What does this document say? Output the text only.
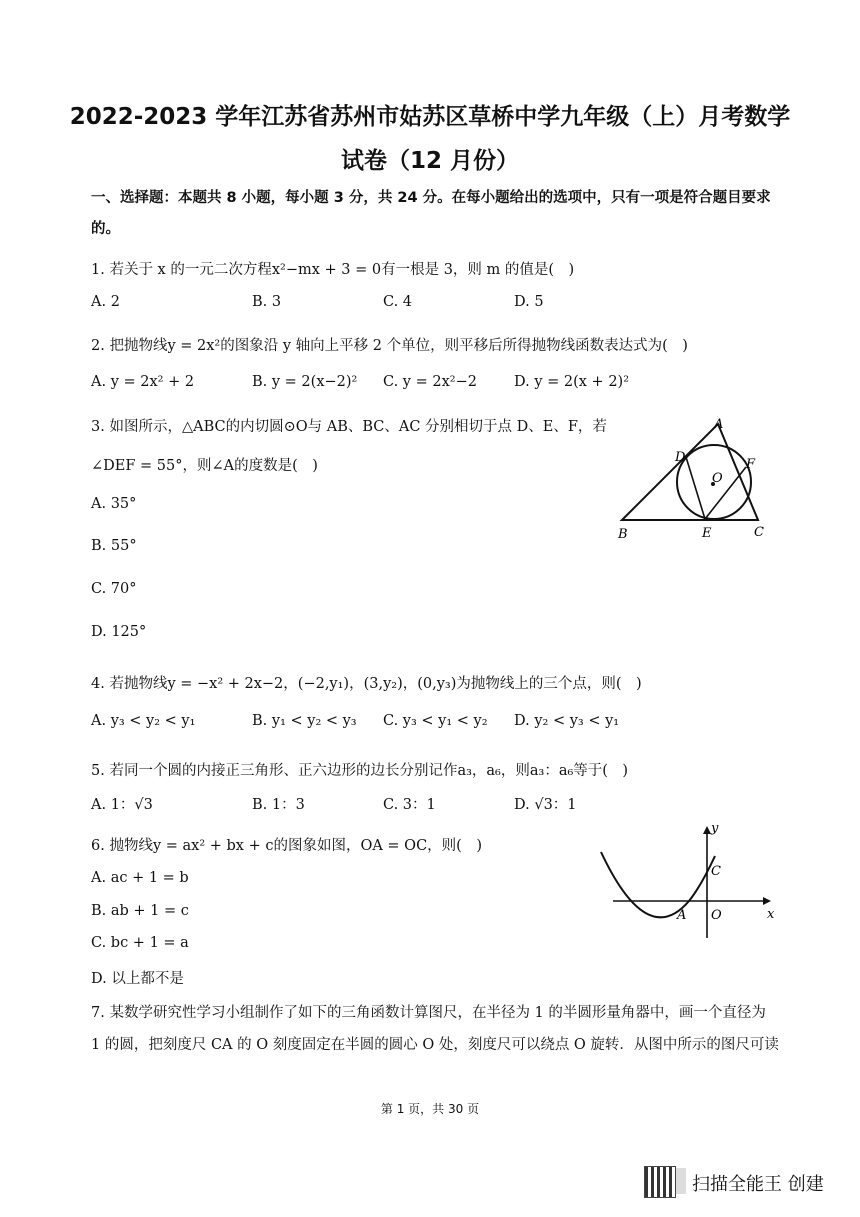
2022-2023 学年江苏省苏州市姑苏区草桥中学九年级（上）月考数学
试卷（12 月份）
一、选择题：本题共 8 小题，每小题 3 分，共 24 分。在每小题给出的选项中，只有一项是符合题目要求
的。
1. 若关于 x 的一元二次方程x²−mx + 3 = 0有一根是 3，则 m 的值是(　)
A. 2	B. 3	C. 4	D. 5
2. 把抛物线y = 2x²的图象沿 y 轴向上平移 2 个单位，则平移后所得抛物线函数表达式为(　)
A. y = 2x² + 2	B. y = 2(x−2)² C. y = 2x²−2	D. y = 2(x + 2)²
3. 如图所示，△ABC的内切圆⊙O与 AB、BC、AC 分别相切于点 D、E、F，若
∠DEF = 55°，则∠A的度数是(　)
A. 35°
B. 55°
C. 70°
D. 125°
A
B	C
D
E
F
O
4. 若抛物线y = −x² + 2x−2，(−2,y₁)，(3,y₂)，(0,y₃)为抛物线上的三个点，则(　)
A. y₃ < y₂ < y₁	B. y₁ < y₂ < y₃ C. y₃ < y₁ < y₂ D. y₂ < y₃ < y₁
5. 若同一个圆的内接正三角形、正六边形的边长分别记作a₃，a₆，则a₃：a₆等于(　)
A. 1：√3	B. 1：3	C. 3：1	D. √3：1
6. 抛物线y = ax² + bx + c的图象如图，OA = OC，则(　)
A. ac + 1 = b
B. ab + 1 = c
C. bc + 1 = a
D. 以上都不是
x
y
O
A
C
7. 某数学研究性学习小组制作了如下的三角函数计算图尺，在半径为 1 的半圆形量角器中，画一个直径为
1 的圆，把刻度尺 CA 的 O 刻度固定在半圆的圆心 O 处，刻度尺可以绕点 O 旋转．从图中所示的图尺可读
第 1 页，共 30 页
扫描全能王 创建
